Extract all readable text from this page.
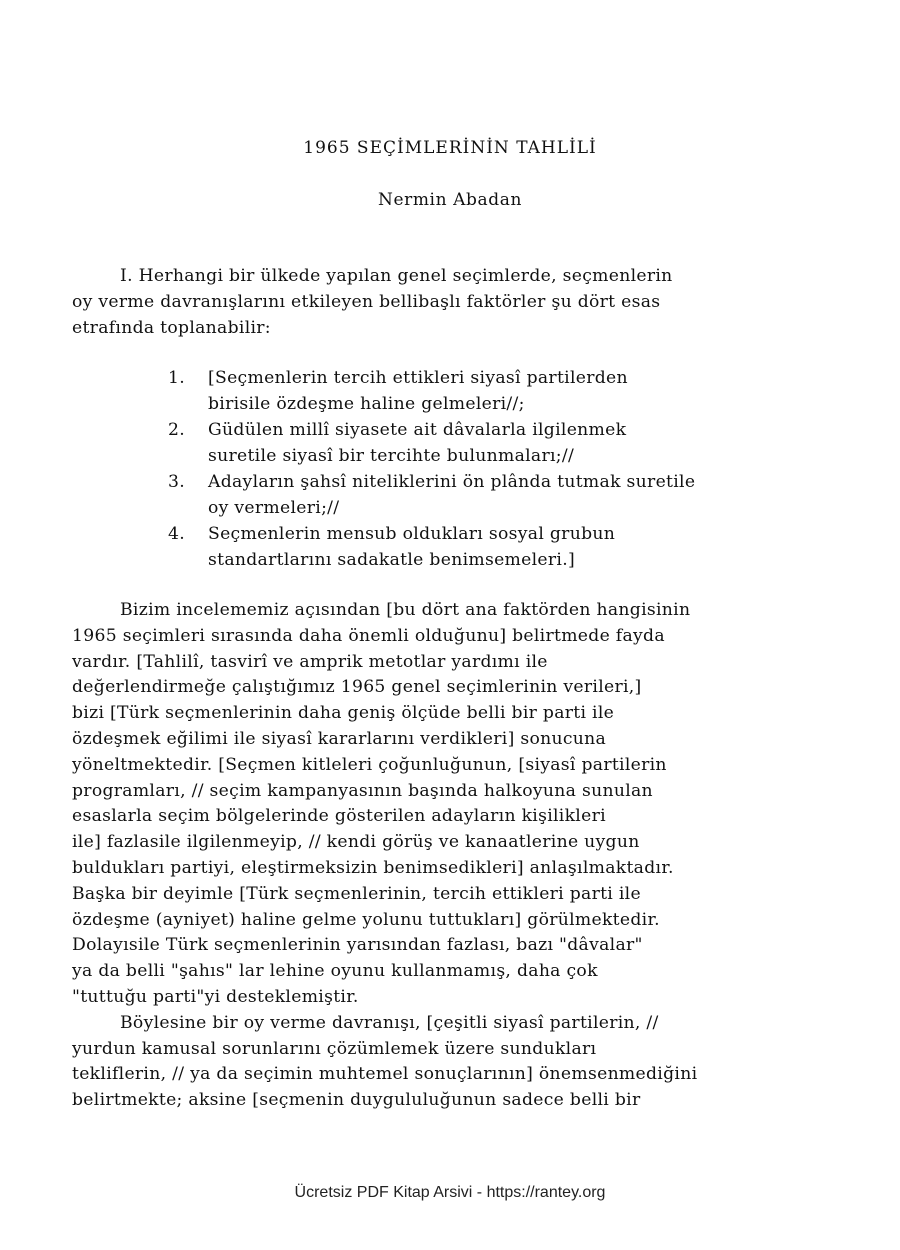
1965 SEÇİMLERİNİN TAHLİLİ
Nermin Abadan
I. Herhangi bir ülkede yapılan genel seçimlerde, seçmenlerin
oy verme davranışlarını etkileyen bellibaşlı faktörler şu dört esas
etrafında toplanabilir:
1.	[Seçmenlerin tercih ettikleri siyasî partilerden
birisile özdeşme haline gelmeleri//;
2.	Güdülen millî siyasete ait dâvalarla ilgilenmek
suretile siyasî bir tercihte bulunmaları;//
3.	Adayların şahsî niteliklerini ön plânda tutmak suretile
oy vermeleri;//
4.	Seçmenlerin mensub oldukları sosyal grubun
standartlarını sadakatle benimsemeleri.]
Bizim incelememiz açısından [bu dört ana faktörden hangisinin
1965 seçimleri sırasında daha önemli olduğunu] belirtmede fayda
vardır. [Tahlilî, tasvirî ve amprik metotlar yardımı ile
değerlendirmeğe çalıştığımız 1965 genel seçimlerinin verileri,]
bizi [Türk seçmenlerinin daha geniş ölçüde belli bir parti ile
özdeşmek eğilimi ile siyasî kararlarını verdikleri] sonucuna
yöneltmektedir. [Seçmen kitleleri çoğunluğunun, [siyasî partilerin
programları, // seçim kampanyasının başında halkoyuna sunulan
esaslarla seçim bölgelerinde gösterilen adayların kişilikleri
ile] fazlasile ilgilenmeyip, // kendi görüş ve kanaatlerine uygun
buldukları partiyi, eleştirmeksizin benimsedikleri] anlaşılmaktadır.
Başka bir deyimle [Türk seçmenlerinin, tercih ettikleri parti ile
özdeşme (ayniyet) haline gelme yolunu tuttukları] görülmektedir.
Dolayısile Türk seçmenlerinin yarısından fazlası, bazı "dâvalar"
ya da belli "şahıs" lar lehine oyunu kullanmamış, daha çok
"tuttuğu parti"yi desteklemiştir.
Böylesine bir oy verme davranışı, [çeşitli siyasî partilerin, //
yurdun kamusal sorunlarını çözümlemek üzere sundukları
tekliflerin, // ya da seçimin muhtemel sonuçlarının] önemsenmediğini
belirtmekte; aksine [seçmenin duygululuğunun sadece belli bir
Ücretsiz PDF Kitap Arsivi - https://rantey.org
